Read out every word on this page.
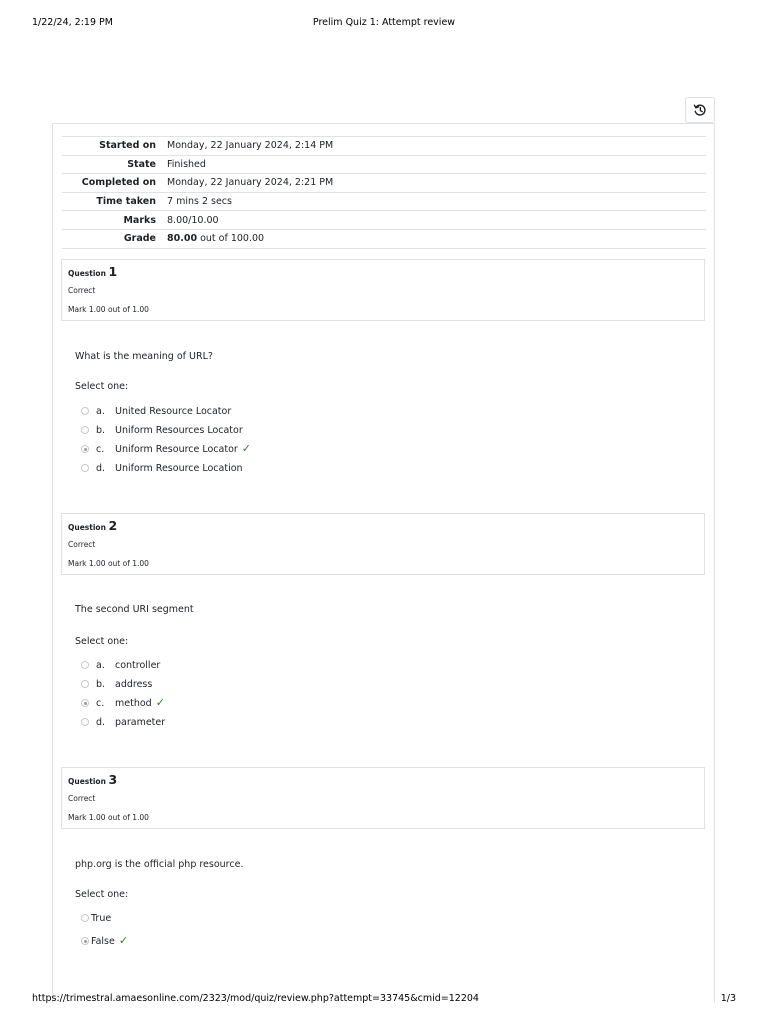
1/22/24, 2:19 PM	Prelim Quiz 1: Attempt review
Started on	Monday, 22 January 2024, 2:14 PM
State	Finished
Completed on	Monday, 22 January 2024, 2:21 PM
Time taken	7 mins 2 secs
Marks	8.00/10.00
Grade	80.00 out of 100.00
Question 1
Correct
Mark 1.00 out of 1.00
What is the meaning of URL?
Select one:
a.	United Resource Locator
b.	Uniform Resources Locator
c.	Uniform Resource Locator ✓
d.	Uniform Resource Location
Question 2
Correct
Mark 1.00 out of 1.00
The second URI segment
Select one:
a.	controller
b.	address
c.	method ✓
d.	parameter
Question 3
Correct
Mark 1.00 out of 1.00
php.org is the official php resource.
Select one:
True
False ✓
https://trimestral.amaesonline.com/2323/mod/quiz/review.php?attempt=33745&cmid=12204	1/3
